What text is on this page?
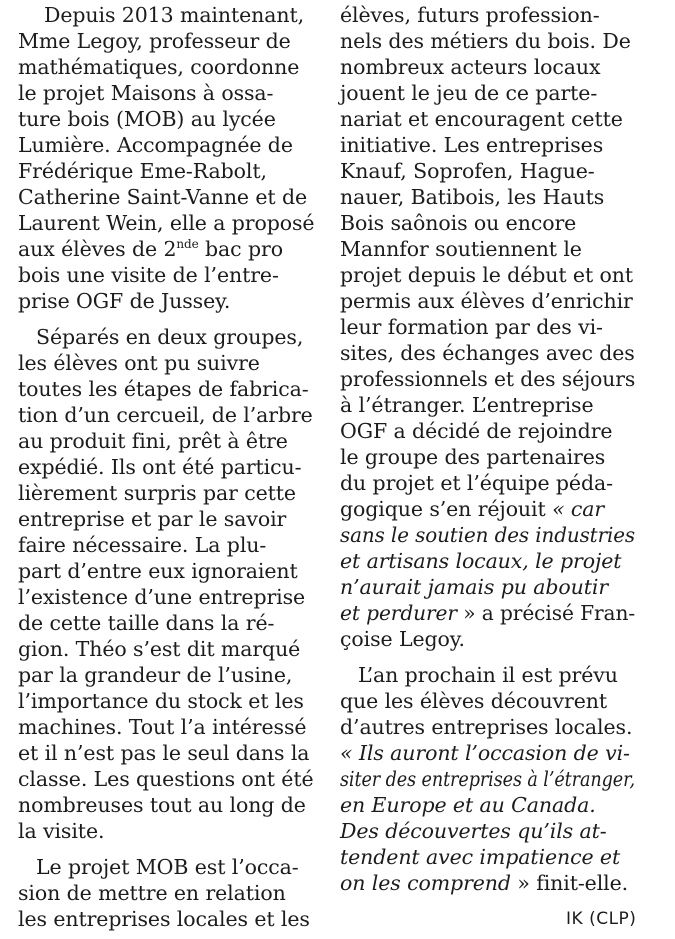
Depuis 2013 maintenant,
Mme Legoy, professeur de
mathématiques, coordonne
le projet Maisons à ossa-
ture bois (MOB) au lycée
Lumière. Accompagnée de
Frédérique Eme-Rabolt,
Catherine Saint-Vanne et de
Laurent Wein, elle a proposé
aux élèves de 2nde bac pro
bois une visite de l’entre-
prise OGF de Jussey.
Séparés en deux groupes,
les élèves ont pu suivre
toutes les étapes de fabrica-
tion d’un cercueil, de l’arbre
au produit fini, prêt à être
expédié. Ils ont été particu-
lièrement surpris par cette
entreprise et par le savoir
faire nécessaire. La plu-
part d’entre eux ignoraient
l’existence d’une entreprise
de cette taille dans la ré-
gion. Théo s’est dit marqué
par la grandeur de l’usine,
l’importance du stock et les
machines. Tout l’a intéressé
et il n’est pas le seul dans la
classe. Les questions ont été
nombreuses tout au long de
la visite.
Le projet MOB est l’occa-
sion de mettre en relation
les entreprises locales et les
élèves, futurs profession-
nels des métiers du bois. De
nombreux acteurs locaux
jouent le jeu de ce parte-
nariat et encouragent cette
initiative. Les entreprises
Knauf, Soprofen, Hague-
nauer, Batibois, les Hauts
Bois saônois ou encore
Mannfor soutiennent le
projet depuis le début et ont
permis aux élèves d’enrichir
leur formation par des vi-
sites, des échanges avec des
professionnels et des séjours
à l’étranger. L’entreprise
OGF a décidé de rejoindre
le groupe des partenaires
du projet et l’équipe péda-
gogique s’en réjouit « car
sans le soutien des industries
et artisans locaux, le projet
n’aurait jamais pu aboutir
et perdurer » a précisé Fran-
çoise Legoy.
L’an prochain il est prévu
que les élèves découvrent
d’autres entreprises locales.
« Ils auront l’occasion de vi-
siter des entreprises à l’étranger,
en Europe et au Canada.
Des découvertes qu’ils at-
tendent avec impatience et
on les comprend » finit-elle.
IK (CLP)
